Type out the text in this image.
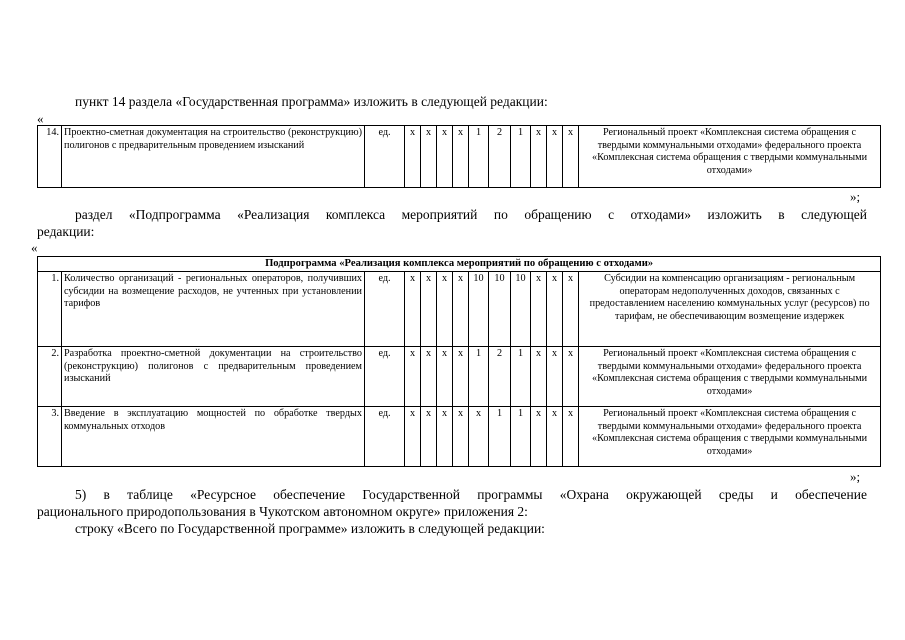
пункт 14 раздела «Государственная программа» изложить в следующей редакции:
«
14.	Проектно-сметная документация на строительство (реконструкцию) полигонов с предварительным проведением изысканий	ед.	х	х	х	х	1	2	1	х	х	х	Региональный проект «Комплексная система обращения с твердыми коммунальными отходами» федерального проекта «Комплексная система обращения с твердыми коммунальными отходами»
»;
раздел «Подпрограмма «Реализация комплекса мероприятий по обращению с отходами» изложить в следующей
редакции:
«
Подпрограмма «Реализация комплекса мероприятий по обращению с отходами»													
1.	Количество организаций - региональных операторов, получивших субсидии на возмещение расходов, не учтенных при установлении тарифов	ед.	х	х	х	х	10	10	10	х	х	х	Субсидии на компенсацию организациям - региональным операторам недополученных доходов, связанных с предоставлением населению коммунальных услуг (ресурсов) по тарифам, не обеспечивающим возмещение издержек
2.	Разработка проектно-сметной документации на строительство (реконструкцию) полигонов с предварительным проведением изысканий	ед.	х	х	х	х	1	2	1	х	х	х	Региональный проект «Комплексная система обращения с твердыми коммунальными отходами» федерального проекта «Комплексная система обращения с твердыми коммунальными отходами»
3.	Введение в эксплуатацию мощностей по обработке твердых коммунальных отходов	ед.	х	х	х	х	х	1	1	х	х	х	Региональный проект «Комплексная система обращения с твердыми коммунальными отходами» федерального проекта «Комплексная система обращения с твердыми коммунальными отходами»
»;
5) в таблице «Ресурсное обеспечение Государственной программы «Охрана окружающей среды и обеспечение
рационального природопользования в Чукотском автономном округе» приложения 2:
строку «Всего по Государственной программе» изложить в следующей редакции:
